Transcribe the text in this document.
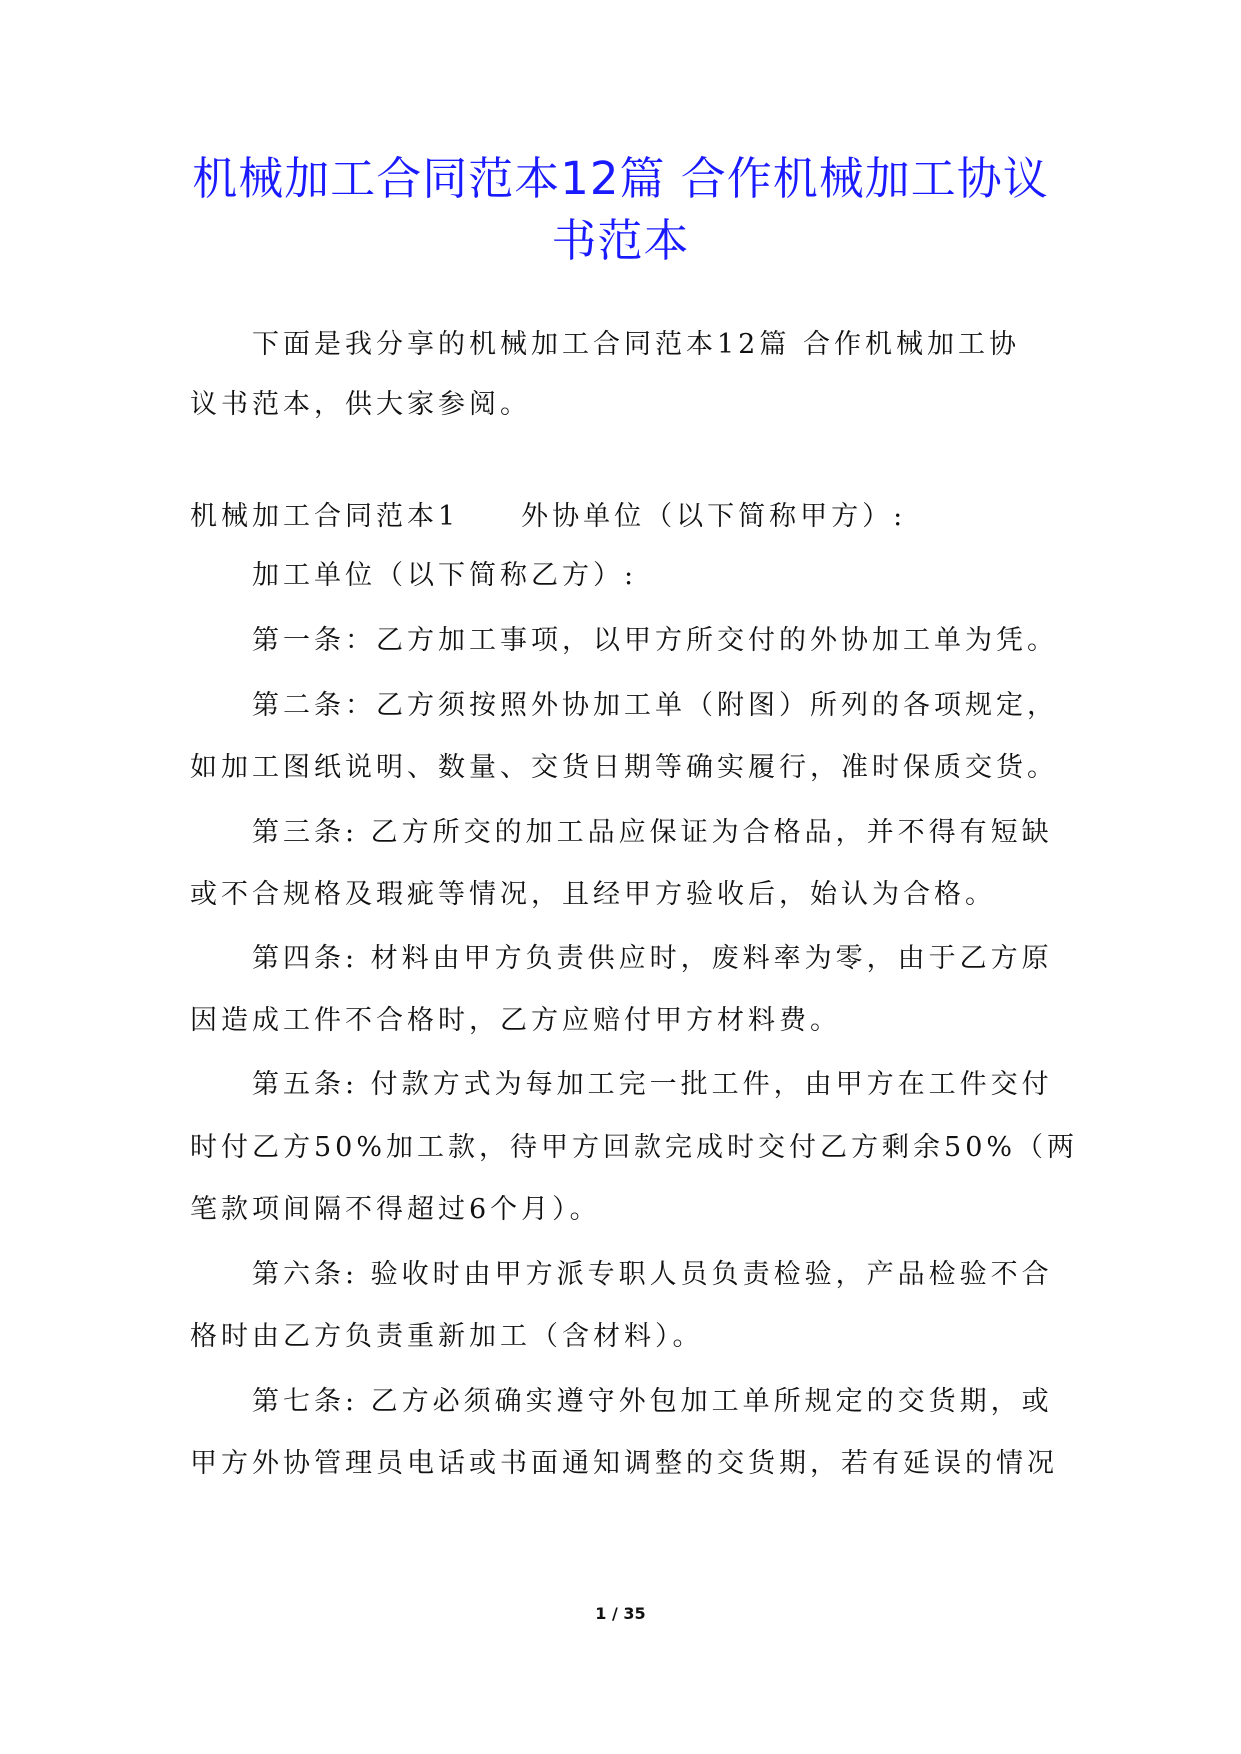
机械加工合同范本12篇 合作机械加工协议
书范本
下面是我分享的机械加工合同范本12篇 合作机械加工协
议书范本，供大家参阅。
机械加工合同范本1　　外协单位（以下简称甲方）:
加工单位（以下简称乙方）:
第一条：乙方加工事项，以甲方所交付的外协加工单为凭。
第二条：乙方须按照外协加工单（附图）所列的各项规定，
如加工图纸说明、数量、交货日期等确实履行，准时保质交货。
第三条: 乙方所交的加工品应保证为合格品，并不得有短缺
或不合规格及瑕疵等情况，且经甲方验收后，始认为合格。
第四条: 材料由甲方负责供应时，废料率为零，由于乙方原
因造成工件不合格时，乙方应赔付甲方材料费。
第五条: 付款方式为每加工完一批工件，由甲方在工件交付
时付乙方50%加工款，待甲方回款完成时交付乙方剩余50%（两
笔款项间隔不得超过6个月）。
第六条: 验收时由甲方派专职人员负责检验，产品检验不合
格时由乙方负责重新加工（含材料）。
第七条: 乙方必须确实遵守外包加工单所规定的交货期，或
甲方外协管理员电话或书面通知调整的交货期，若有延误的情况
1 / 35
